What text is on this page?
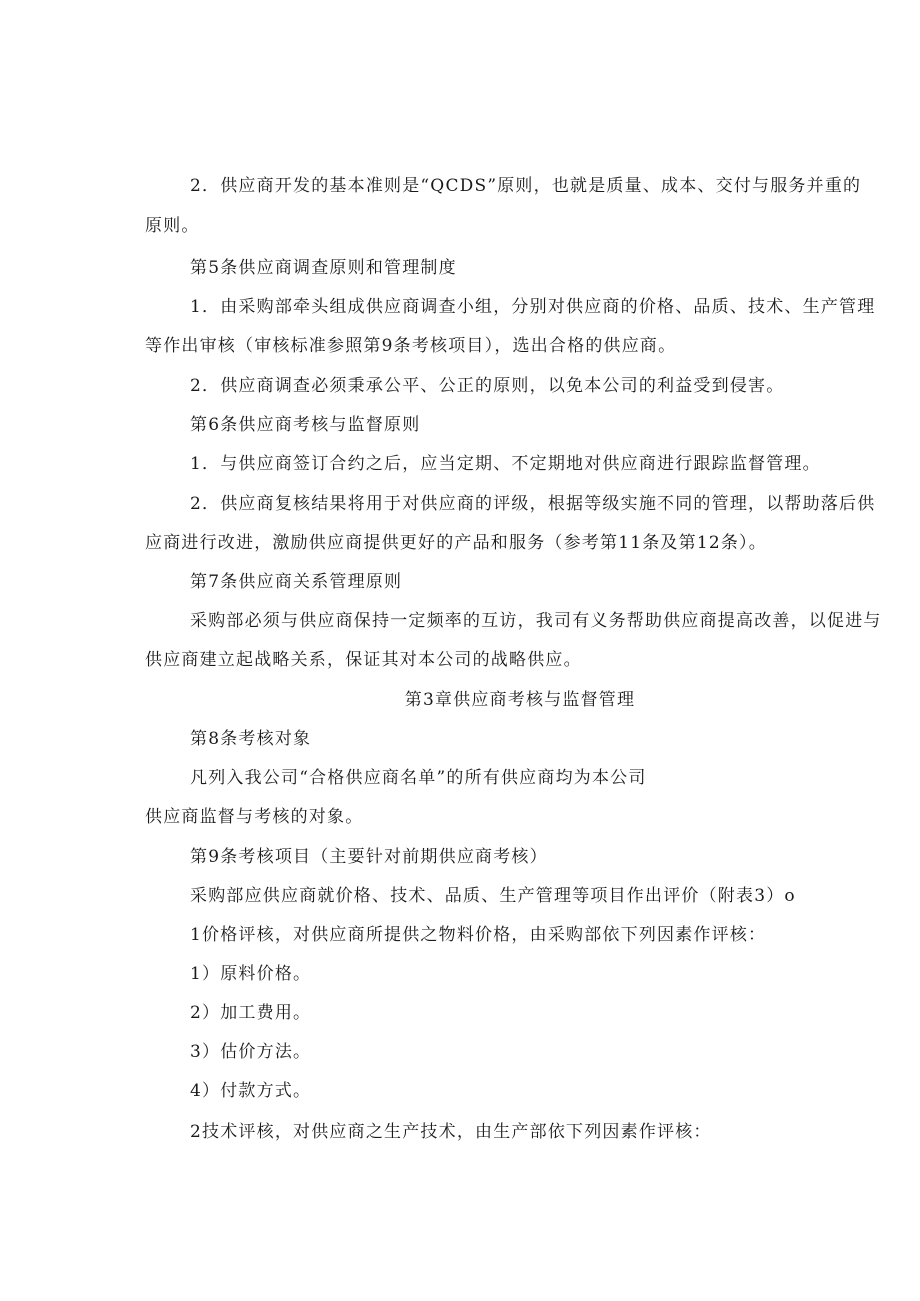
2．供应商开发的基本准则是“QCDS”原则，也就是质量、成本、交付与服务并重的
原则。
第5条供应商调查原则和管理制度
1．由采购部牵头组成供应商调查小组，分别对供应商的价格、品质、技术、生产管理
等作出审核（审核标准参照第9条考核项目），选出合格的供应商。
2．供应商调查必须秉承公平、公正的原则，以免本公司的利益受到侵害。
第6条供应商考核与监督原则
1．与供应商签订合约之后，应当定期、不定期地对供应商进行跟踪监督管理。
2．供应商复核结果将用于对供应商的评级，根据等级实施不同的管理，以帮助落后供
应商进行改进，激励供应商提供更好的产品和服务（参考第11条及第12条）。
第7条供应商关系管理原则
采购部必须与供应商保持一定频率的互访，我司有义务帮助供应商提高改善，以促进与
供应商建立起战略关系，保证其对本公司的战略供应。
第3章供应商考核与监督管理
第8条考核对象
凡列入我公司“合格供应商名单”的所有供应商均为本公司
供应商监督与考核的对象。
第9条考核项目（主要针对前期供应商考核）
采购部应供应商就价格、技术、品质、生产管理等项目作出评价（附表3）o
1价格评核，对供应商所提供之物料价格，由采购部依下列因素作评核：
1）原料价格。
2）加工费用。
3）估价方法。
4）付款方式。
2技术评核，对供应商之生产技术，由生产部依下列因素作评核：
